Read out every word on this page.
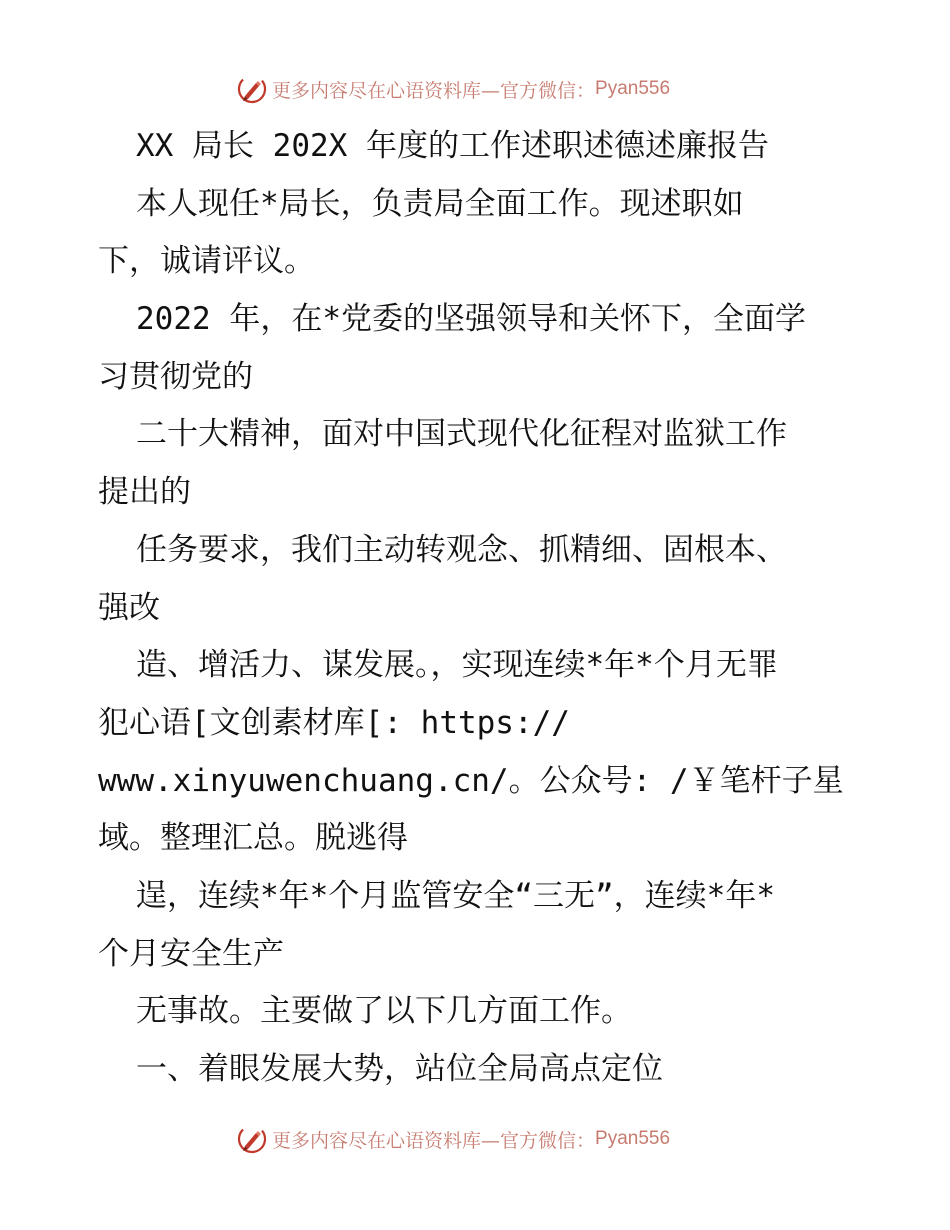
更多内容尽在心语资料库—官方微信： Pyan556
XX 局长 202X 年度的工作述职述德述廉报告
本人现任*局长，负责局全面工作。现述职如
下，诚请评议。
2022 年，在*党委的坚强领导和关怀下，全面学
习贯彻党的
二十大精神，面对中国式现代化征程对监狱工作
提出的
任务要求，我们主动转观念、抓精细、固根本、
强改
造、增活力、谋发展。，实现连续*年*个月无罪
犯心语[文创素材库[: https://
www.xinyuwenchuang.cn/。公众号: /￥笔杆子星
域。整理汇总。脱逃得
逞，连续*年*个月监管安全“三无”，连续*年*
个月安全生产
无事故。主要做了以下几方面工作。
一、着眼发展大势，站位全局高点定位
更多内容尽在心语资料库—官方微信： Pyan556
